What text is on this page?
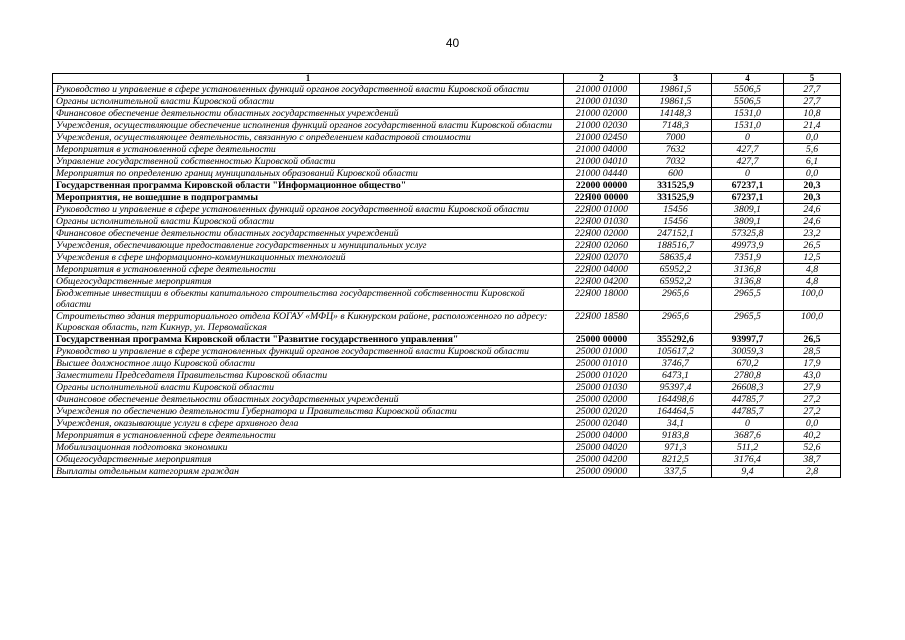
40
1	2	3	4	5
Руководство и управление в сфере установленных функций органов государственной власти Кировской области	21000 01000	19861,5	5506,5	27,7
Органы исполнительной власти Кировской области	21000 01030	19861,5	5506,5	27,7
Финансовое обеспечение деятельности областных государственных учреждений	21000 02000	14148,3	1531,0	10,8
Учреждения, осуществляющие обеспечение исполнения функций органов государственной власти Кировской области	21000 02030	7148,3	1531,0	21,4
Учреждения, осуществляющее деятельность, связанную с определением кадастровой стоимости	21000 02450	7000	0	0,0
Мероприятия в установленной сфере деятельности	21000 04000	7632	427,7	5,6
Управление государственной собственностью Кировской области	21000 04010	7032	427,7	6,1
Мероприятия по определению границ муниципальных образований Кировской области	21000 04440	600	0	0,0
Государственная программа Кировской области "Информационное общество"	22000 00000	331525,9	67237,1	20,3
Мероприятия, не вошедшие в подпрограммы	22Я00 00000	331525,9	67237,1	20,3
Руководство и управление в сфере установленных функций органов государственной власти Кировской области	22Я00 01000	15456	3809,1	24,6
Органы исполнительной власти Кировской области	22Я00 01030	15456	3809,1	24,6
Финансовое обеспечение деятельности областных государственных учреждений	22Я00 02000	247152,1	57325,8	23,2
Учреждения, обеспечивающие предоставление государственных и муниципальных услуг	22Я00 02060	188516,7	49973,9	26,5
Учреждения в сфере информационно-коммуникационных технологий	22Я00 02070	58635,4	7351,9	12,5
Мероприятия в установленной сфере деятельности	22Я00 04000	65952,2	3136,8	4,8
Общегосударственные мероприятия	22Я00 04200	65952,2	3136,8	4,8
Бюджетные инвестиции в объекты капитального строительства государственной собственности Кировской области	22Я00 18000	2965,6	2965,5	100,0
Строительство здания территориального отдела КОГАУ «МФЦ» в Кикнурском районе, расположенного по адресу: Кировская область, пгт Кикнур, ул. Первомайская	22Я00 18580	2965,6	2965,5	100,0
Государственная программа Кировской области "Развитие государственного управления"	25000 00000	355292,6	93997,7	26,5
Руководство и управление в сфере установленных функций органов государственной власти Кировской области	25000 01000	105617,2	30059,3	28,5
Высшее должностное лицо Кировской области	25000 01010	3746,7	670,2	17,9
Заместители Председателя Правительства Кировской области	25000 01020	6473,1	2780,8	43,0
Органы исполнительной власти Кировской области	25000 01030	95397,4	26608,3	27,9
Финансовое обеспечение деятельности областных государственных учреждений	25000 02000	164498,6	44785,7	27,2
Учреждения по обеспечению деятельности Губернатора и Правительства Кировской области	25000 02020	164464,5	44785,7	27,2
Учреждения, оказывающие услуги в сфере архивного дела	25000 02040	34,1	0	0,0
Мероприятия в установленной сфере деятельности	25000 04000	9183,8	3687,6	40,2
Мобилизационная подготовка экономики	25000 04020	971,3	511,2	52,6
Общегосударственные мероприятия	25000 04200	8212,5	3176,4	38,7
Выплаты отдельным категориям граждан	25000 09000	337,5	9,4	2,8
